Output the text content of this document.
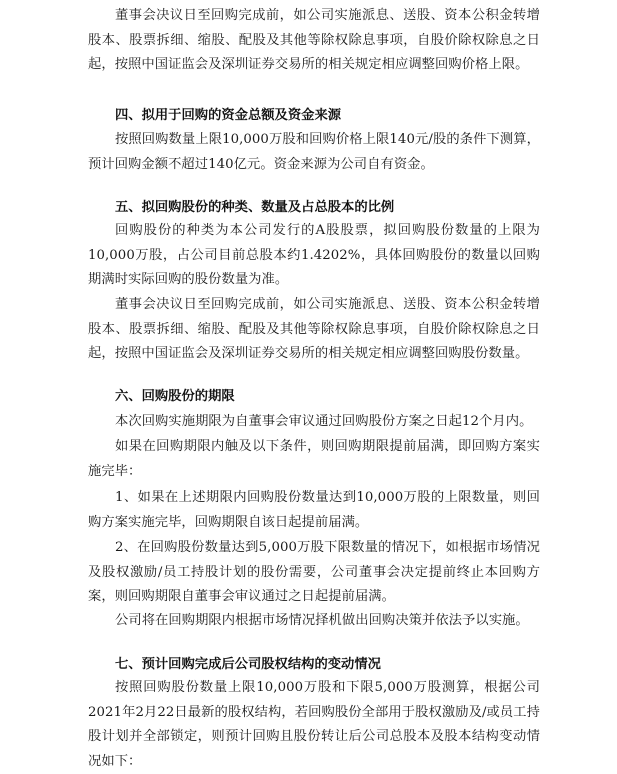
董事会决议日至回购完成前，如公司实施派息、送股、资本公积金转增股本、股票拆细、缩股、配股及其他等除权除息事项，自股价除权除息之日起，按照中国证监会及深圳证券交易所的相关规定相应调整回购价格上限。

四、拟用于回购的资金总额及资金来源

按照回购数量上限10,000万股和回购价格上限140元/股的条件下测算，预计回购金额不超过140亿元。资金来源为公司自有资金。

五、拟回购股份的种类、数量及占总股本的比例

回购股份的种类为本公司发行的A股股票，拟回购股份数量的上限为10,000万股，占公司目前总股本约1.4202%，具体回购股份的数量以回购期满时实际回购的股份数量为准。

董事会决议日至回购完成前，如公司实施派息、送股、资本公积金转增股本、股票拆细、缩股、配股及其他等除权除息事项，自股价除权除息之日起，按照中国证监会及深圳证券交易所的相关规定相应调整回购股份数量。

六、回购股份的期限

本次回购实施期限为自董事会审议通过回购股份方案之日起12个月内。

如果在回购期限内触及以下条件，则回购期限提前届满，即回购方案实施完毕：

1、如果在上述期限内回购股份数量达到10,000万股的上限数量，则回购方案实施完毕，回购期限自该日起提前届满。

2、在回购股份数量达到5,000万股下限数量的情况下，如根据市场情况及股权激励/员工持股计划的股份需要，公司董事会决定提前终止本回购方案，则回购期限自董事会审议通过之日起提前届满。

公司将在回购期限内根据市场情况择机做出回购决策并依法予以实施。

七、预计回购完成后公司股权结构的变动情况

按照回购股份数量上限10,000万股和下限5,000万股测算，根据公司2021年2月22日最新的股权结构，若回购股份全部用于股权激励及/或员工持股计划并全部锁定，则预计回购且股份转让后公司总股本及股本结构变动情况如下：
